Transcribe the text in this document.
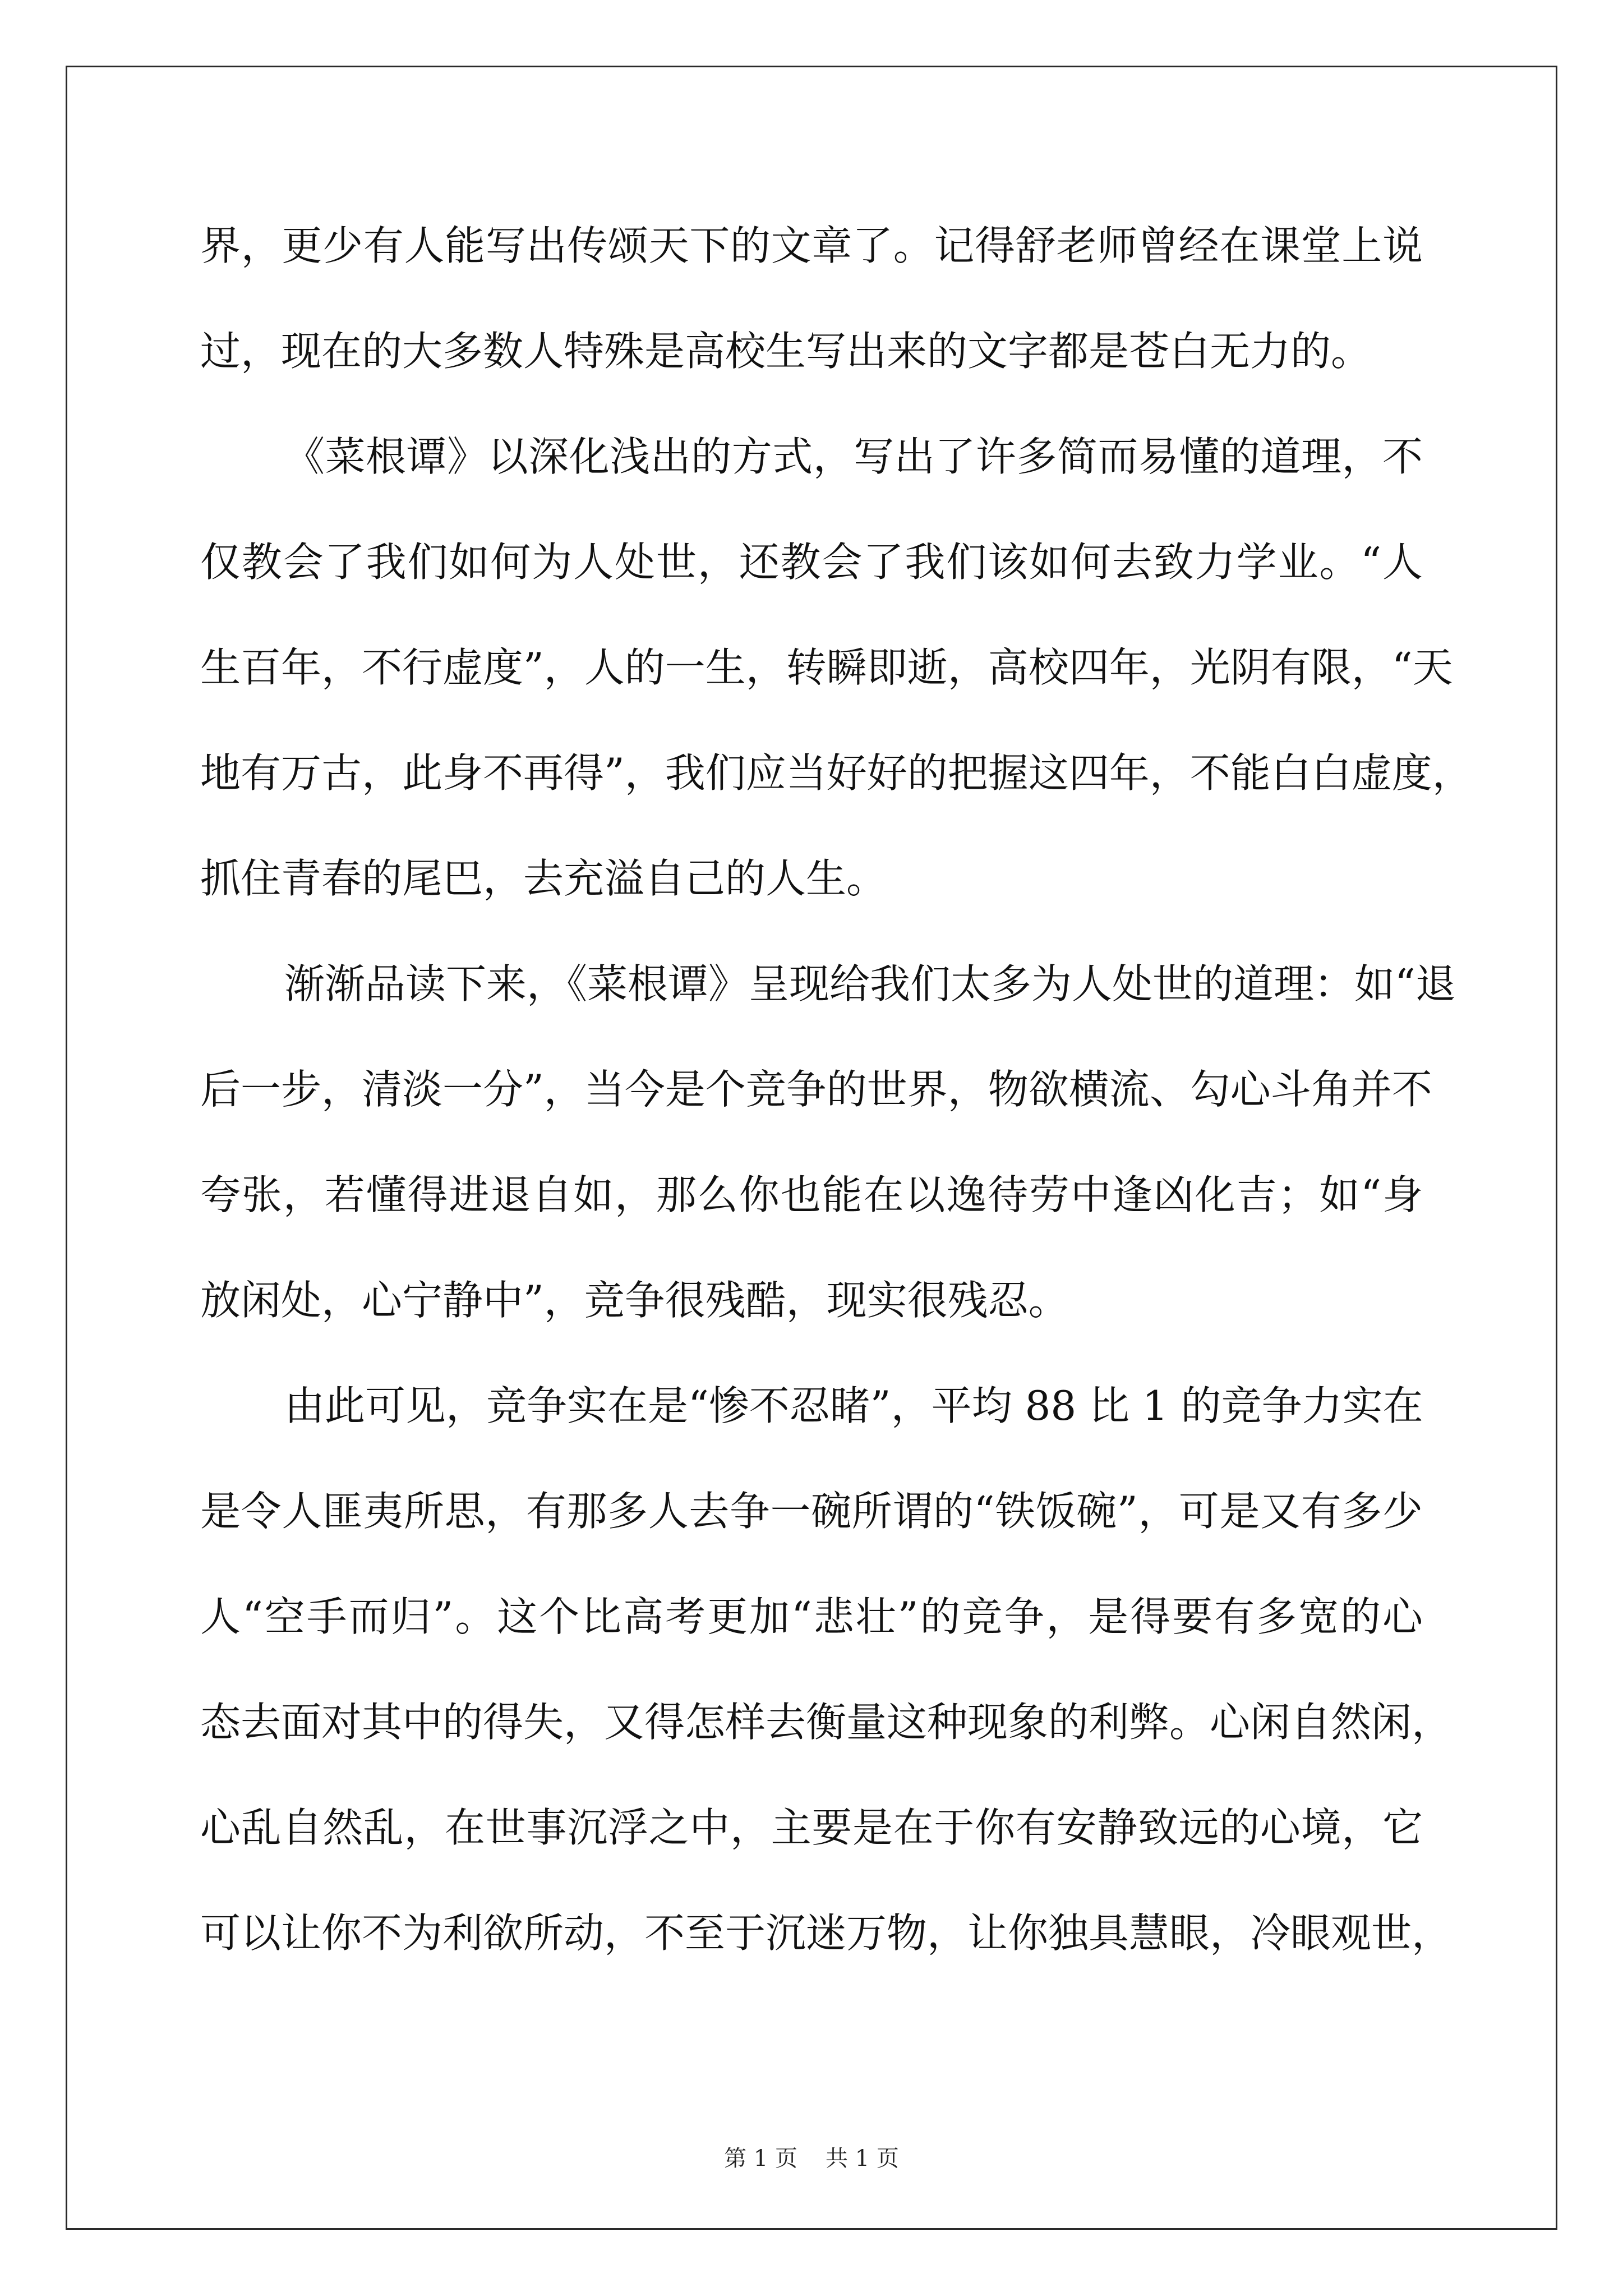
界，更少有人能写出传颂天下的文章了。记得舒老师曾经在课堂上说
过，现在的大多数人特殊是高校生写出来的文字都是苍白无力的。
《菜根谭》以深化浅出的方式，写出了许多简而易懂的道理，不
仅教会了我们如何为人处世，还教会了我们该如何去致力学业。“人
生百年，不行虚度”，人的一生，转瞬即逝，高校四年，光阴有限，“天
地有万古，此身不再得”，我们应当好好的把握这四年，不能白白虚度，
抓住青春的尾巴，去充溢自己的人生。
渐渐品读下来，《菜根谭》呈现给我们太多为人处世的道理：如“退
后一步，清淡一分”，当今是个竞争的世界，物欲横流、勾心斗角并不
夸张，若懂得进退自如，那么你也能在以逸待劳中逢凶化吉；如“身
放闲处，心宁静中”，竞争很残酷，现实很残忍。
由此可见，竞争实在是“惨不忍睹”，平均 88 比 1 的竞争力实在
是令人匪夷所思，有那多人去争一碗所谓的“铁饭碗”，可是又有多少
人“空手而归”。这个比高考更加“悲壮”的竞争，是得要有多宽的心
态去面对其中的得失，又得怎样去衡量这种现象的利弊。心闲自然闲，
心乱自然乱，在世事沉浮之中，主要是在于你有安静致远的心境，它
可以让你不为利欲所动，不至于沉迷万物，让你独具慧眼，冷眼观世，
第 1 页 共 1 页
